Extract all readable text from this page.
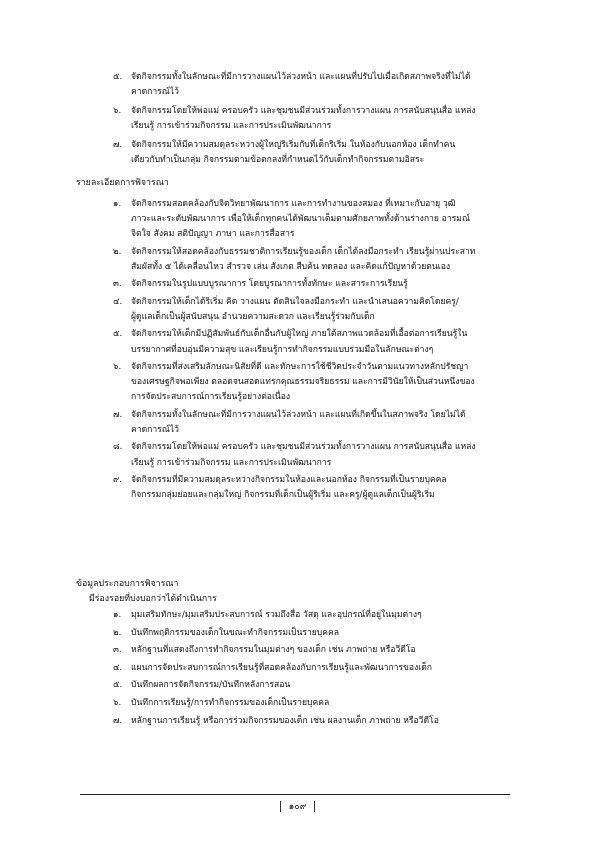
๕. จัดกิจกรรมทั้งในลักษณะที่มีการวางแผนไว้ล่วงหน้า และแผนที่ปรับไปเมื่อเกิดสภาพจริงที่ไม่ได้
คาดการณ์ไว้
๖. จัดกิจกรรมโดยให้พ่อแม่ ครอบครัว และชุมชนมีส่วนร่วมทั้งการวางแผน การสนับสนุนสื่อ แหล่ง
เรียนรู้ การเข้าร่วมกิจกรรม และการประเมินพัฒนาการ
๗. จัดกิจกรรมให้มีความสมดุลระหว่างผู้ใหญ่ริเริ่มกับที่เด็กริเริ่ม ในห้องกับนอกห้อง เด็กทำคน
เดียวกับทำเป็นกลุ่ม กิจกรรมตามข้อตกลงที่กำหนดไว้กับเด็กทำกิจกรรมตามอิสระ
รายละเอียดการพิจารณา
๑. จัดกิจกรรมสอดคล้องกับจิตวิทยาพัฒนาการ และการทำงานของสมอง ที่เหมาะกับอายุ วุฒิ
ภาวะและระดับพัฒนาการ เพื่อให้เด็กทุกคนได้พัฒนาเต็มตามศักยภาพทั้งด้านร่างกาย อารมณ์
จิตใจ สังคม สติปัญญา ภาษา และการสื่อสาร
๒. จัดกิจกรรมให้สอดคล้องกับธรรมชาติการเรียนรู้ของเด็ก เด็กได้ลงมือกระทำ เรียนรู้ผ่านประสาท
สัมผัสทั้ง ๕ ได้เคลื่อนไหว สำรวจ เล่น สังเกต สืบค้น ทดลอง และคิดแก้ปัญหาด้วยตนเอง
๓. จัดกิจกรรมในรูปแบบบูรณาการ โดยบูรณาการทั้งทักษะ และสาระการเรียนรู้
๔. จัดกิจกรรมให้เด็กได้ริเริ่ม คิด วางแผน ตัดสินใจลงมือกระทำ และนำเสนอความคิดโดยครู/
ผู้ดูแลเด็กเป็นผู้สนับสนุน อำนวยความสะดวก และเรียนรู้ร่วมกับเด็ก
๕. จัดกิจกรรมให้เด็กมีปฏิสัมพันธ์กับเด็กอื่นกับผู้ใหญ่ ภายใต้สภาพแวดล้อมที่เอื้อต่อการเรียนรู้ใน
บรรยากาศที่อบอุ่นมีความสุข และเรียนรู้การทำกิจกรรมแบบร่วมมือในลักษณะต่างๆ
๖. จัดกิจกรรมที่ส่งเสริมลักษณะนิสัยที่ดี และทักษะการใช้ชีวิตประจำวันตามแนวทางหลักปรัชญา
ของเศรษฐกิจพอเพียง ตลอดจนสอดแทรกคุณธรรมจริยธรรม และการมีวินัยให้เป็นส่วนหนึ่งของ
การจัดประสบการณ์การเรียนรู้อย่างต่อเนื่อง
๗. จัดกิจกรรมทั้งในลักษณะที่มีการวางแผนไว้ล่วงหน้า และแผนที่เกิดขึ้นในสภาพจริง โดยไม่ได้
คาดการณ์ไว้
๘. จัดกิจกรรมโดยให้พ่อแม่ ครอบครัว และชุมชนมีส่วนร่วมทั้งการวางแผน การสนับสนุนสื่อ แหล่ง
เรียนรู้ การเข้าร่วมกิจกรรม และการประเมินพัฒนาการ
๙. จัดกิจกรรมที่มีความสมดุลระหว่างกิจกรรมในห้องและนอกห้อง กิจกรรมที่เป็นรายบุคคล
กิจกรรมกลุ่มย่อยและกลุ่มใหญ่ กิจกรรมที่เด็กเป็นผู้ริเริ่ม และครู/ผู้ดูแลเด็กเป็นผู้ริเริ่ม
ข้อมูลประกอบการพิจารณา
มีร่องรอยที่บ่งบอกว่าได้ดำเนินการ
๑. มุมเสริมทักษะ/มุมเสริมประสบการณ์ รวมถึงสื่อ วัสดุ และอุปกรณ์ที่อยู่ในมุมต่างๆ
๒. บันทึกพฤติกรรมของเด็กในขณะทำกิจกรรมเป็นรายบุคคล
๓. หลักฐานที่แสดงถึงการทำกิจกรรมในมุมต่างๆ ของเด็ก เช่น ภาพถ่าย หรือวีดีโอ
๔. แผนการจัดประสบการณ์การเรียนรู้ที่สอดคล้องกับการเรียนรู้และพัฒนาการของเด็ก
๕. บันทึกผลการจัดกิจกรรม/บันทึกหลังการสอน
๖. บันทึกการเรียนรู้/การทำกิจกรรมของเด็กเป็นรายบุคคล
๗. หลักฐานการเรียนรู้ หรือการร่วมกิจกรรมของเด็ก เช่น ผลงานเด็ก ภาพถ่าย หรือวีดีโอ
๑๐๙
